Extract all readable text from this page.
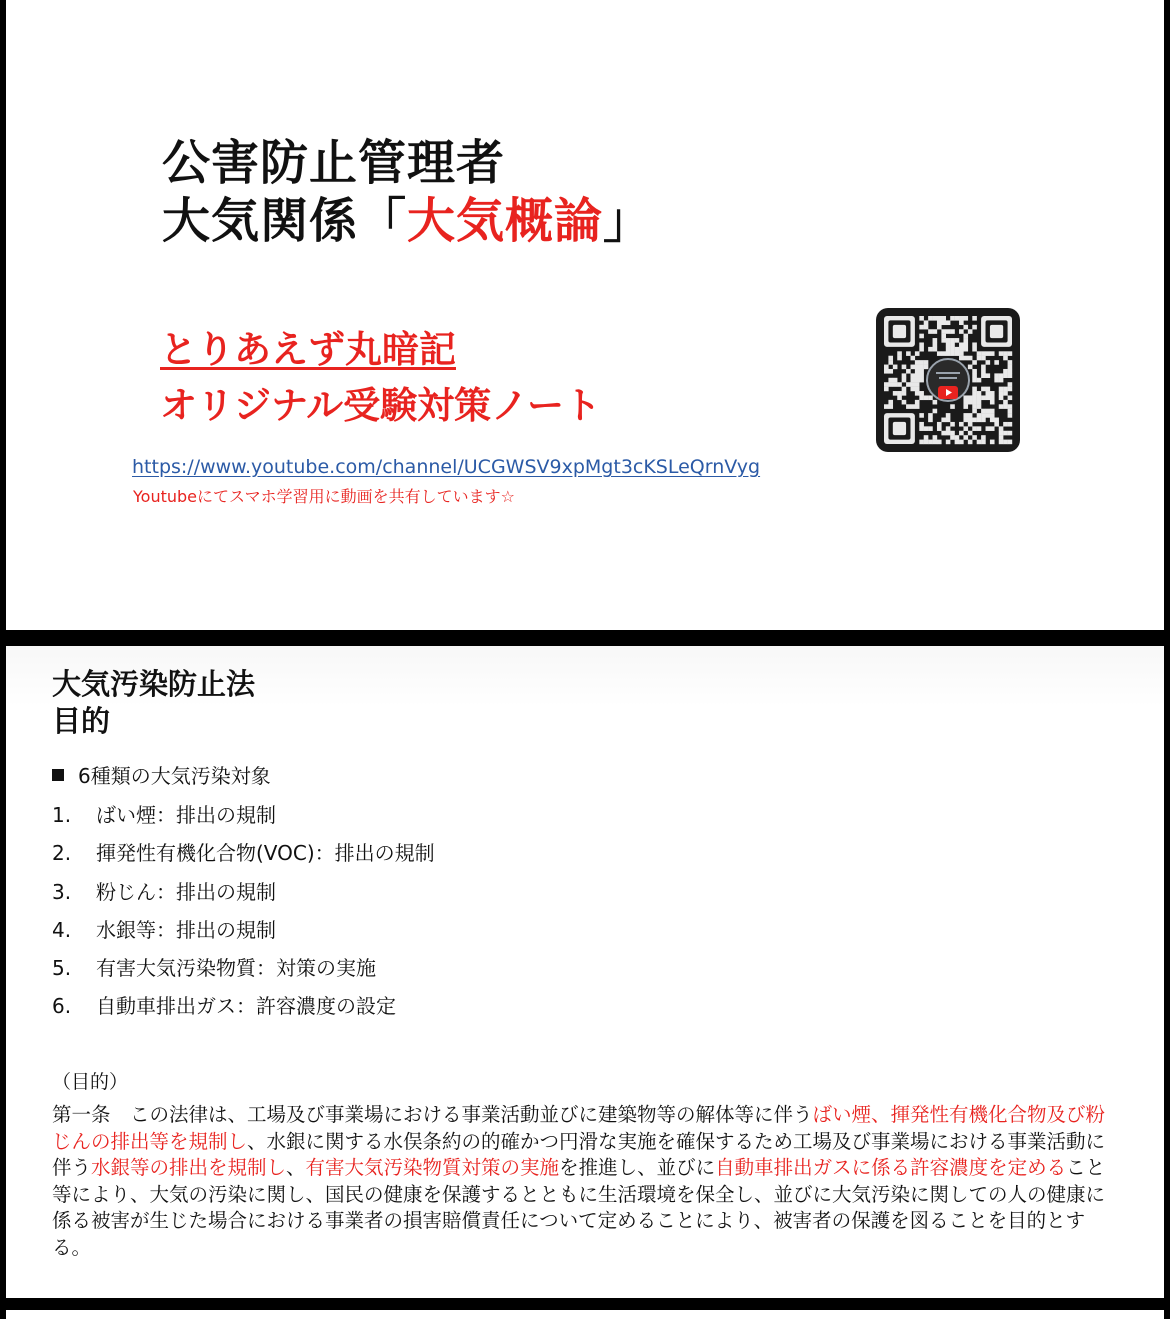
公害防止管理者
大気関係「大気概論」
とりあえず丸暗記
オリジナル受験対策ノート
https://www.youtube.com/channel/UCGWSV9xpMgt3cKSLeQrnVyg
Youtubeにてスマホ学習用に動画を共有しています☆
大気汚染防止法
目的
6種類の大気汚染対象
1. ばい煙：排出の規制
2. 揮発性有機化合物(VOC)：排出の規制
3. 粉じん：排出の規制
4. 水銀等：排出の規制
5. 有害大気汚染物質：対策の実施
6. 自動車排出ガス：許容濃度の設定
（目的）
第一条　この法律は、工場及び事業場における事業活動並びに建築物等の解体等に伴うばい煙、揮発性有機化合物及び粉じんの排出等を規制し、水銀に関する水俣条約の的確かつ円滑な実施を確保するため工場及び事業場における事業活動に伴う水銀等の排出を規制し、有害大気汚染物質対策の実施を推進し、並びに自動車排出ガスに係る許容濃度を定めること等により、大気の汚染に関し、国民の健康を保護するとともに生活環境を保全し、並びに大気汚染に関しての人の健康に係る被害が生じた場合における事業者の損害賠償責任について定めることにより、被害者の保護を図ることを目的とする。
